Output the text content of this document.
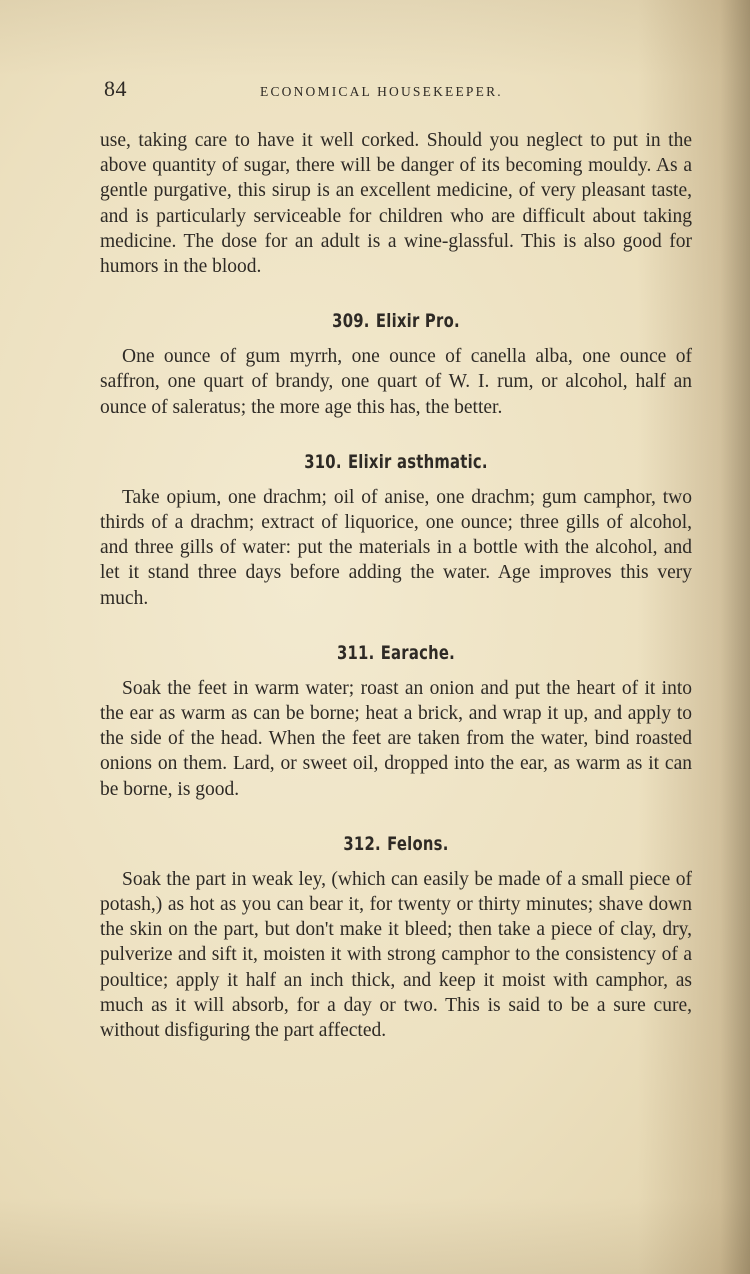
84	ECONOMICAL HOUSEKEEPER.

use, taking care to have it well corked. Should you neglect to put in the above quantity of sugar, there will be danger of its becoming mouldy. As a gentle purgative, this sirup is an excellent medicine, of very pleasant taste, and is particularly serviceable for children who are difficult about taking medicine. The dose for an adult is a wine-glassful. This is also good for humors in the blood.

309. Elixir Pro.

One ounce of gum myrrh, one ounce of canella alba, one ounce of saffron, one quart of brandy, one quart of W. I. rum, or alcohol, half an ounce of saleratus; the more age this has, the better.

310. Elixir asthmatic.

Take opium, one drachm; oil of anise, one drachm; gum camphor, two thirds of a drachm; extract of liquorice, one ounce; three gills of alcohol, and three gills of water: put the materials in a bottle with the alcohol, and let it stand three days before adding the water. Age improves this very much.

311. Earache.

Soak the feet in warm water; roast an onion and put the heart of it into the ear as warm as can be borne; heat a brick, and wrap it up, and apply to the side of the head. When the feet are taken from the water, bind roasted onions on them. Lard, or sweet oil, dropped into the ear, as warm as it can be borne, is good.

312. Felons.

Soak the part in weak ley, (which can easily be made of a small piece of potash,) as hot as you can bear it, for twenty or thirty minutes; shave down the skin on the part, but don't make it bleed; then take a piece of clay, dry, pulverize and sift it, moisten it with strong camphor to the consistency of a poultice; apply it half an inch thick, and keep it moist with camphor, as much as it will absorb, for a day or two. This is said to be a sure cure, without disfiguring the part affected.
